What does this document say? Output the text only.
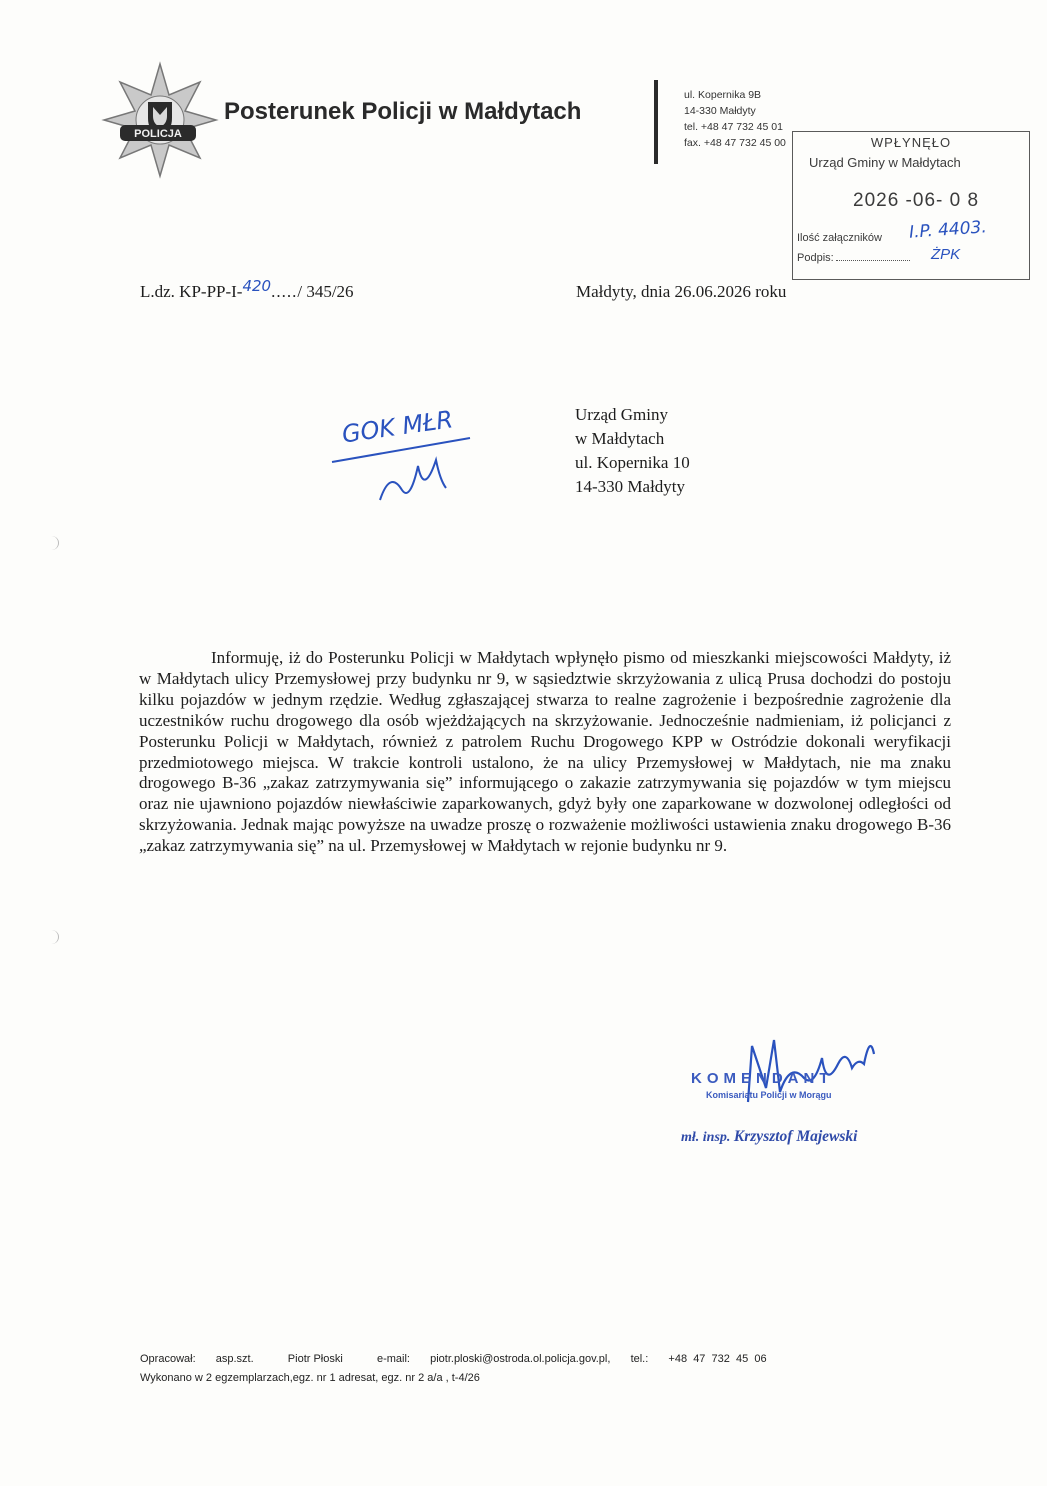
POLICJA
Posterunek Policji w Małdytach
ul. Kopernika 9B
14-330 Małdyty
tel. +48 47 732 45 01
fax. +48 47 732 45 00	WPŁYNĘŁO
Urząd Gminy w Małdytach
2026 -06- 0 8
Ilość załączników
Podpis:
I.P. 4403.
ŻPK
L.dz. KP-PP-I-420...../ 345/26	Małdyty, dnia 26.06.2026 roku
GOK MŁR	Urząd Gminy
w Małdytach
ul. Kopernika 10
14-330 Małdyty

Informuję, iż do Posterunku Policji w Małdytach wpłynęło pismo od mieszkanki miejscowości Małdyty, iż w Małdytach ulicy Przemysłowej przy budynku nr 9, w sąsiedztwie skrzyżowania z ulicą Prusa dochodzi do postoju kilku pojazdów w jednym rzędzie. Według zgłaszającej stwarza to realne zagrożenie i bezpośrednie zagrożenie dla uczestników ruchu drogowego dla osób wjeżdżających na skrzyżowanie. Jednocześnie nadmieniam, iż policjanci z Posterunku Policji w Małdytach, również z patrolem Ruchu Drogowego KPP w Ostródzie dokonali weryfikacji przedmiotowego miejsca. W trakcie kontroli ustalono, że na ulicy Przemysłowej w Małdytach, nie ma znaku drogowego B-36 „zakaz zatrzymywania się” informującego o zakazie zatrzymywania się pojazdów w tym miejscu oraz nie ujawniono pojazdów niewłaściwie zaparkowanych, gdyż były one zaparkowane w dozwolonej odległości od skrzyżowania. Jednak mając powyższe na uwadze proszę o rozważenie możliwości ustawienia znaku drogowego B-36 „zakaz zatrzymywania się” na ul. Przemysłowej w Małdytach w rejonie budynku nr 9.

KOMENDANT
Komisariatu Policji w Morągu
mł. insp. Krzysztof Majewski
Opracował: asp.szt.	Piotr Płoski	e-mail: piotr.ploski@ostroda.ol.policja.gov.pl, tel.: +48  47  732  45  06
Wykonano w 2 egzemplarzach,egz. nr 1 adresat, egz. nr 2 a/a , t-4/26
